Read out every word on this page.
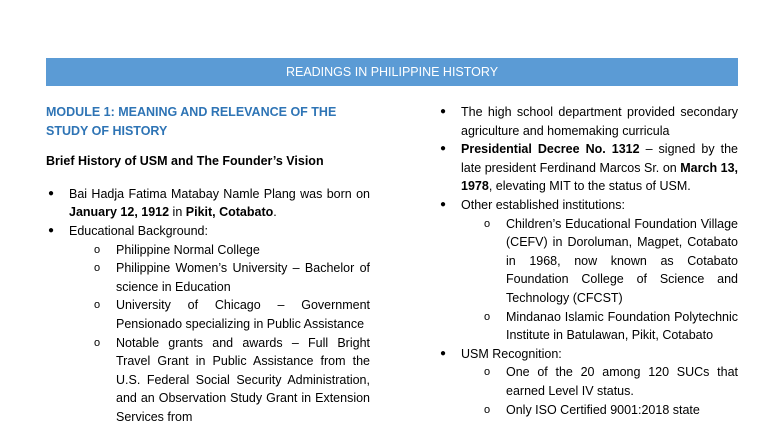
READINGS IN PHILIPPINE HISTORY

MODULE 1: MEANING AND RELEVANCE OF THE STUDY OF HISTORY

Brief History of USM and The Founder’s Vision

● Bai Hadja Fatima Matabay Namle Plang was born on January 12, 1912 in Pikit, Cotabato.
● Educational Background:
o Philippine Normal College
o Philippine Women’s University – Bachelor of science in Education
o University of Chicago – Government Pensionado specializing in Public Assistance
o Notable grants and awards – Full Bright Travel Grant in Public Assistance from the U.S. Federal Social Security Administration, and an Observation Study Grant in Extension Services from
● The high school department provided secondary agriculture and homemaking curricula
● Presidential Decree No. 1312 – signed by the late president Ferdinand Marcos Sr. on March 13, 1978, elevating MIT to the status of USM.
● Other established institutions:
o Children’s Educational Foundation Village (CEFV) in Doroluman, Magpet, Cotabato in 1968, now known as Cotabato Foundation College of Science and Technology (CFCST)
o Mindanao Islamic Foundation Polytechnic Institute in Batulawan, Pikit, Cotabato
● USM Recognition:
o One of the 20 among 120 SUCs that earned Level IV status.
o Only ISO Certified 9001:2018 state
